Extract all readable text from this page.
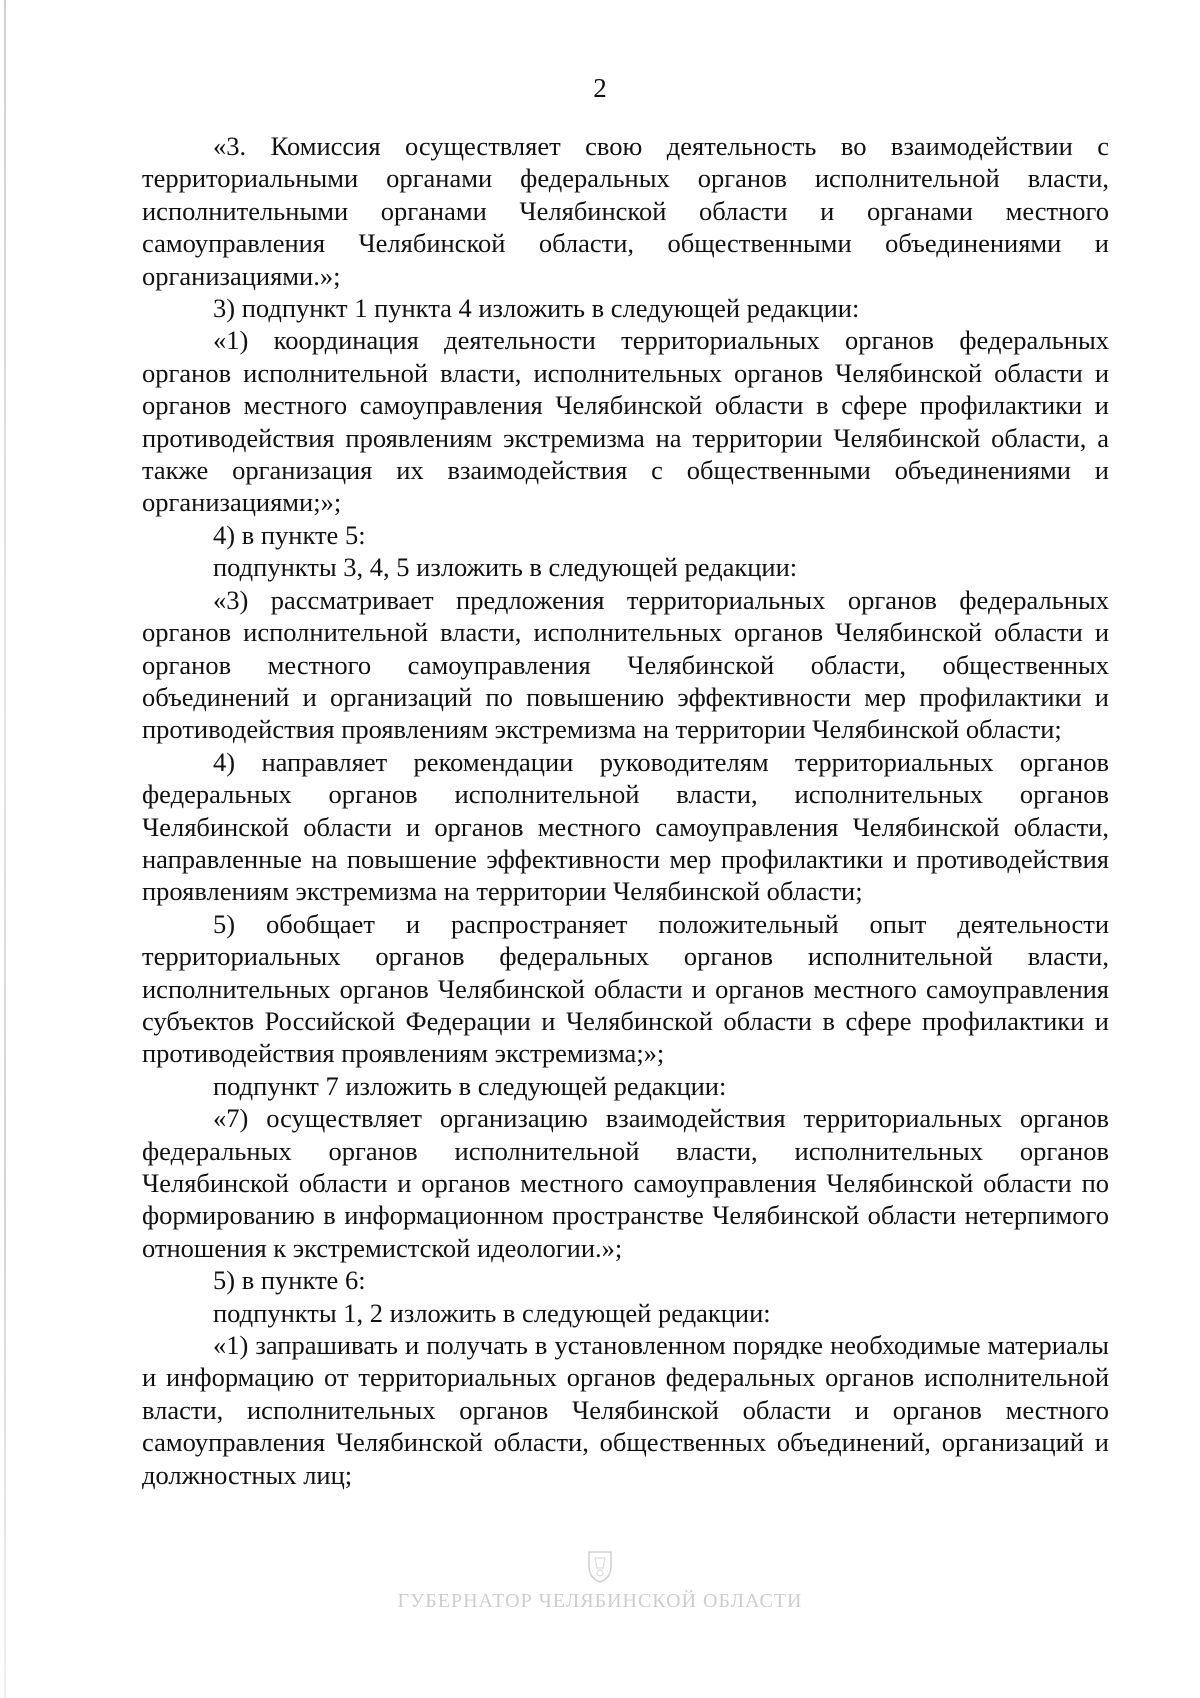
2

«3. Комиссия осуществляет свою деятельность во взаимодействии с территориальными органами федеральных органов исполнительной власти, исполнительными органами Челябинской области и органами местного самоуправления Челябинской области, общественными объединениями и организациями.»;

3) подпункт 1 пункта 4 изложить в следующей редакции:

«1) координация деятельности территориальных органов федеральных органов исполнительной власти, исполнительных органов Челябинской области и органов местного самоуправления Челябинской области в сфере профилактики и противодействия проявлениям экстремизма на территории Челябинской области, а также организация их взаимодействия с общественными объединениями и организациями;»;

4) в пункте 5:

подпункты 3, 4, 5 изложить в следующей редакции:

«3) рассматривает предложения территориальных органов федеральных органов исполнительной власти, исполнительных органов Челябинской области и органов местного самоуправления Челябинской области, общественных объединений и организаций по повышению эффективности мер профилактики и противодействия проявлениям экстремизма на территории Челябинской области;

4) направляет рекомендации руководителям территориальных органов федеральных органов исполнительной власти, исполнительных органов Челябинской области и органов местного самоуправления Челябинской области, направленные на повышение эффективности мер профилактики и противодействия проявлениям экстремизма на территории Челябинской области;

5) обобщает и распространяет положительный опыт деятельности территориальных органов федеральных органов исполнительной власти, исполнительных органов Челябинской области и органов местного самоуправления субъектов Российской Федерации и Челябинской области в сфере профилактики и противодействия проявлениям экстремизма;»;

подпункт 7 изложить в следующей редакции:

«7) осуществляет организацию взаимодействия территориальных органов федеральных органов исполнительной власти, исполнительных органов Челябинской области и органов местного самоуправления Челябинской области по формированию в информационном пространстве Челябинской области нетерпимого отношения к экстремистской идеологии.»;

5) в пункте 6:

подпункты 1, 2 изложить в следующей редакции:

«1) запрашивать и получать в установленном порядке необходимые материалы и информацию от территориальных органов федеральных органов исполнительной власти, исполнительных органов Челябинской области и органов местного самоуправления Челябинской области, общественных объединений, организаций и должностных лиц;

ГУБЕРНАТОР ЧЕЛЯБИНСКОЙ ОБЛАСТИ
